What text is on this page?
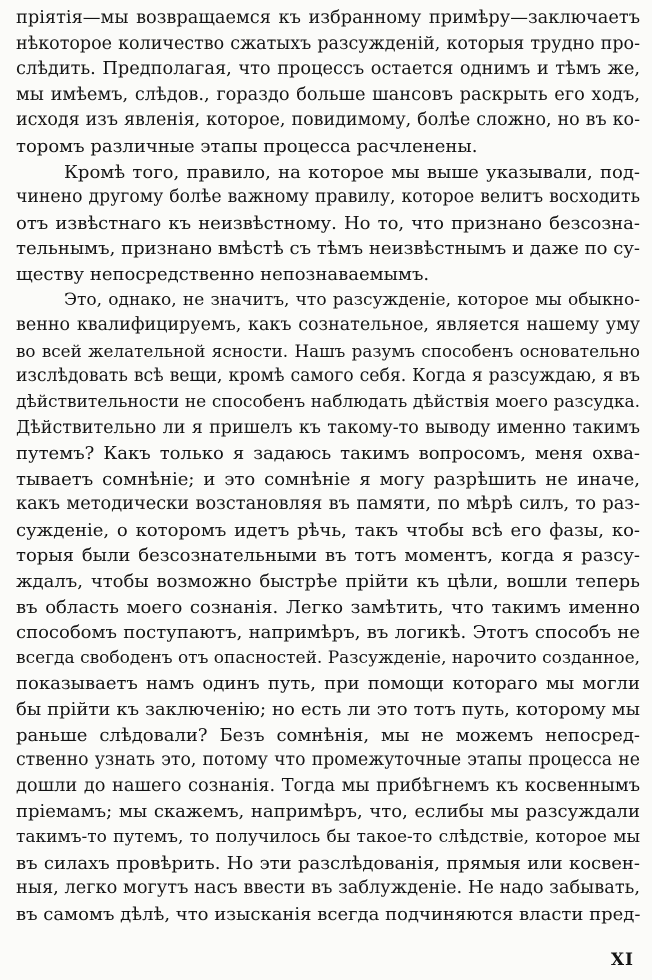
пріятія—мы возвращаемся къ избранному примѣру—заключаетъ
нѣкоторое количество сжатыхъ разсужденій, которыя трудно про-
слѣдить. Предполагая, что процессъ остается однимъ и тѣмъ же,
мы имѣемъ, слѣдов., гораздо больше шансовъ раскрыть его ходъ,
исходя изъ явленія, которое, повидимому, болѣе сложно, но въ ко-
торомъ различные этапы процесса расчленены.
Кромѣ того, правило, на которое мы выше указывали, под-
чинено другому болѣе важному правилу, которое велитъ восходить
отъ извѣстнаго къ неизвѣстному. Но то, что признано безсозна-
тельнымъ, признано вмѣстѣ съ тѣмъ неизвѣстнымъ и даже по су-
ществу непосредственно непознаваемымъ.
Это, однако, не значитъ, что разсужденіе, которое мы обыкно-
венно квалифицируемъ, какъ сознательное, является нашему уму
во всей желательной ясности. Нашъ разумъ способенъ основательно
изслѣдовать всѣ вещи, кромѣ самого себя. Когда я разсуждаю, я въ
дѣйствительности не способенъ наблюдать дѣйствія моего разсудка.
Дѣйствительно ли я пришелъ къ такому-то выводу именно такимъ
путемъ? Какъ только я задаюсь такимъ вопросомъ, меня охва-
тываетъ сомнѣніе; и это сомнѣніе я могу разрѣшить не иначе,
какъ методически возстановляя въ памяти, по мѣрѣ силъ, то раз-
сужденіе, о которомъ идетъ рѣчь, такъ чтобы всѣ его фазы, ко-
торыя были безсознательными въ тотъ моментъ, когда я разсу-
ждалъ, чтобы возможно быстрѣе прійти къ цѣли, вошли теперь
въ область моего сознанія. Легко замѣтить, что такимъ именно
способомъ поступаютъ, напримѣръ, въ логикѣ. Этотъ способъ не
всегда свободенъ отъ опасностей. Разсужденіе, нарочито созданное,
показываетъ намъ одинъ путь, при помощи котораго мы могли
бы прійти къ заключенію; но есть ли это тотъ путь, которому мы
раньше слѣдовали? Безъ сомнѣнія, мы не можемъ непосред-
ственно узнать это, потому что промежуточные этапы процесса не
дошли до нашего сознанія. Тогда мы прибѣгнемъ къ косвеннымъ
пріемамъ; мы скажемъ, напримѣръ, что, еслибы мы разсуждали
такимъ-то путемъ, то получилось бы такое-то слѣдствіе, которое мы
въ силахъ провѣрить. Но эти разслѣдованія, прямыя или косвен-
ныя, легко могутъ насъ ввести въ заблужденіе. Не надо забывать,
въ самомъ дѣлѣ, что изысканія всегда подчиняются власти пред-
XI
